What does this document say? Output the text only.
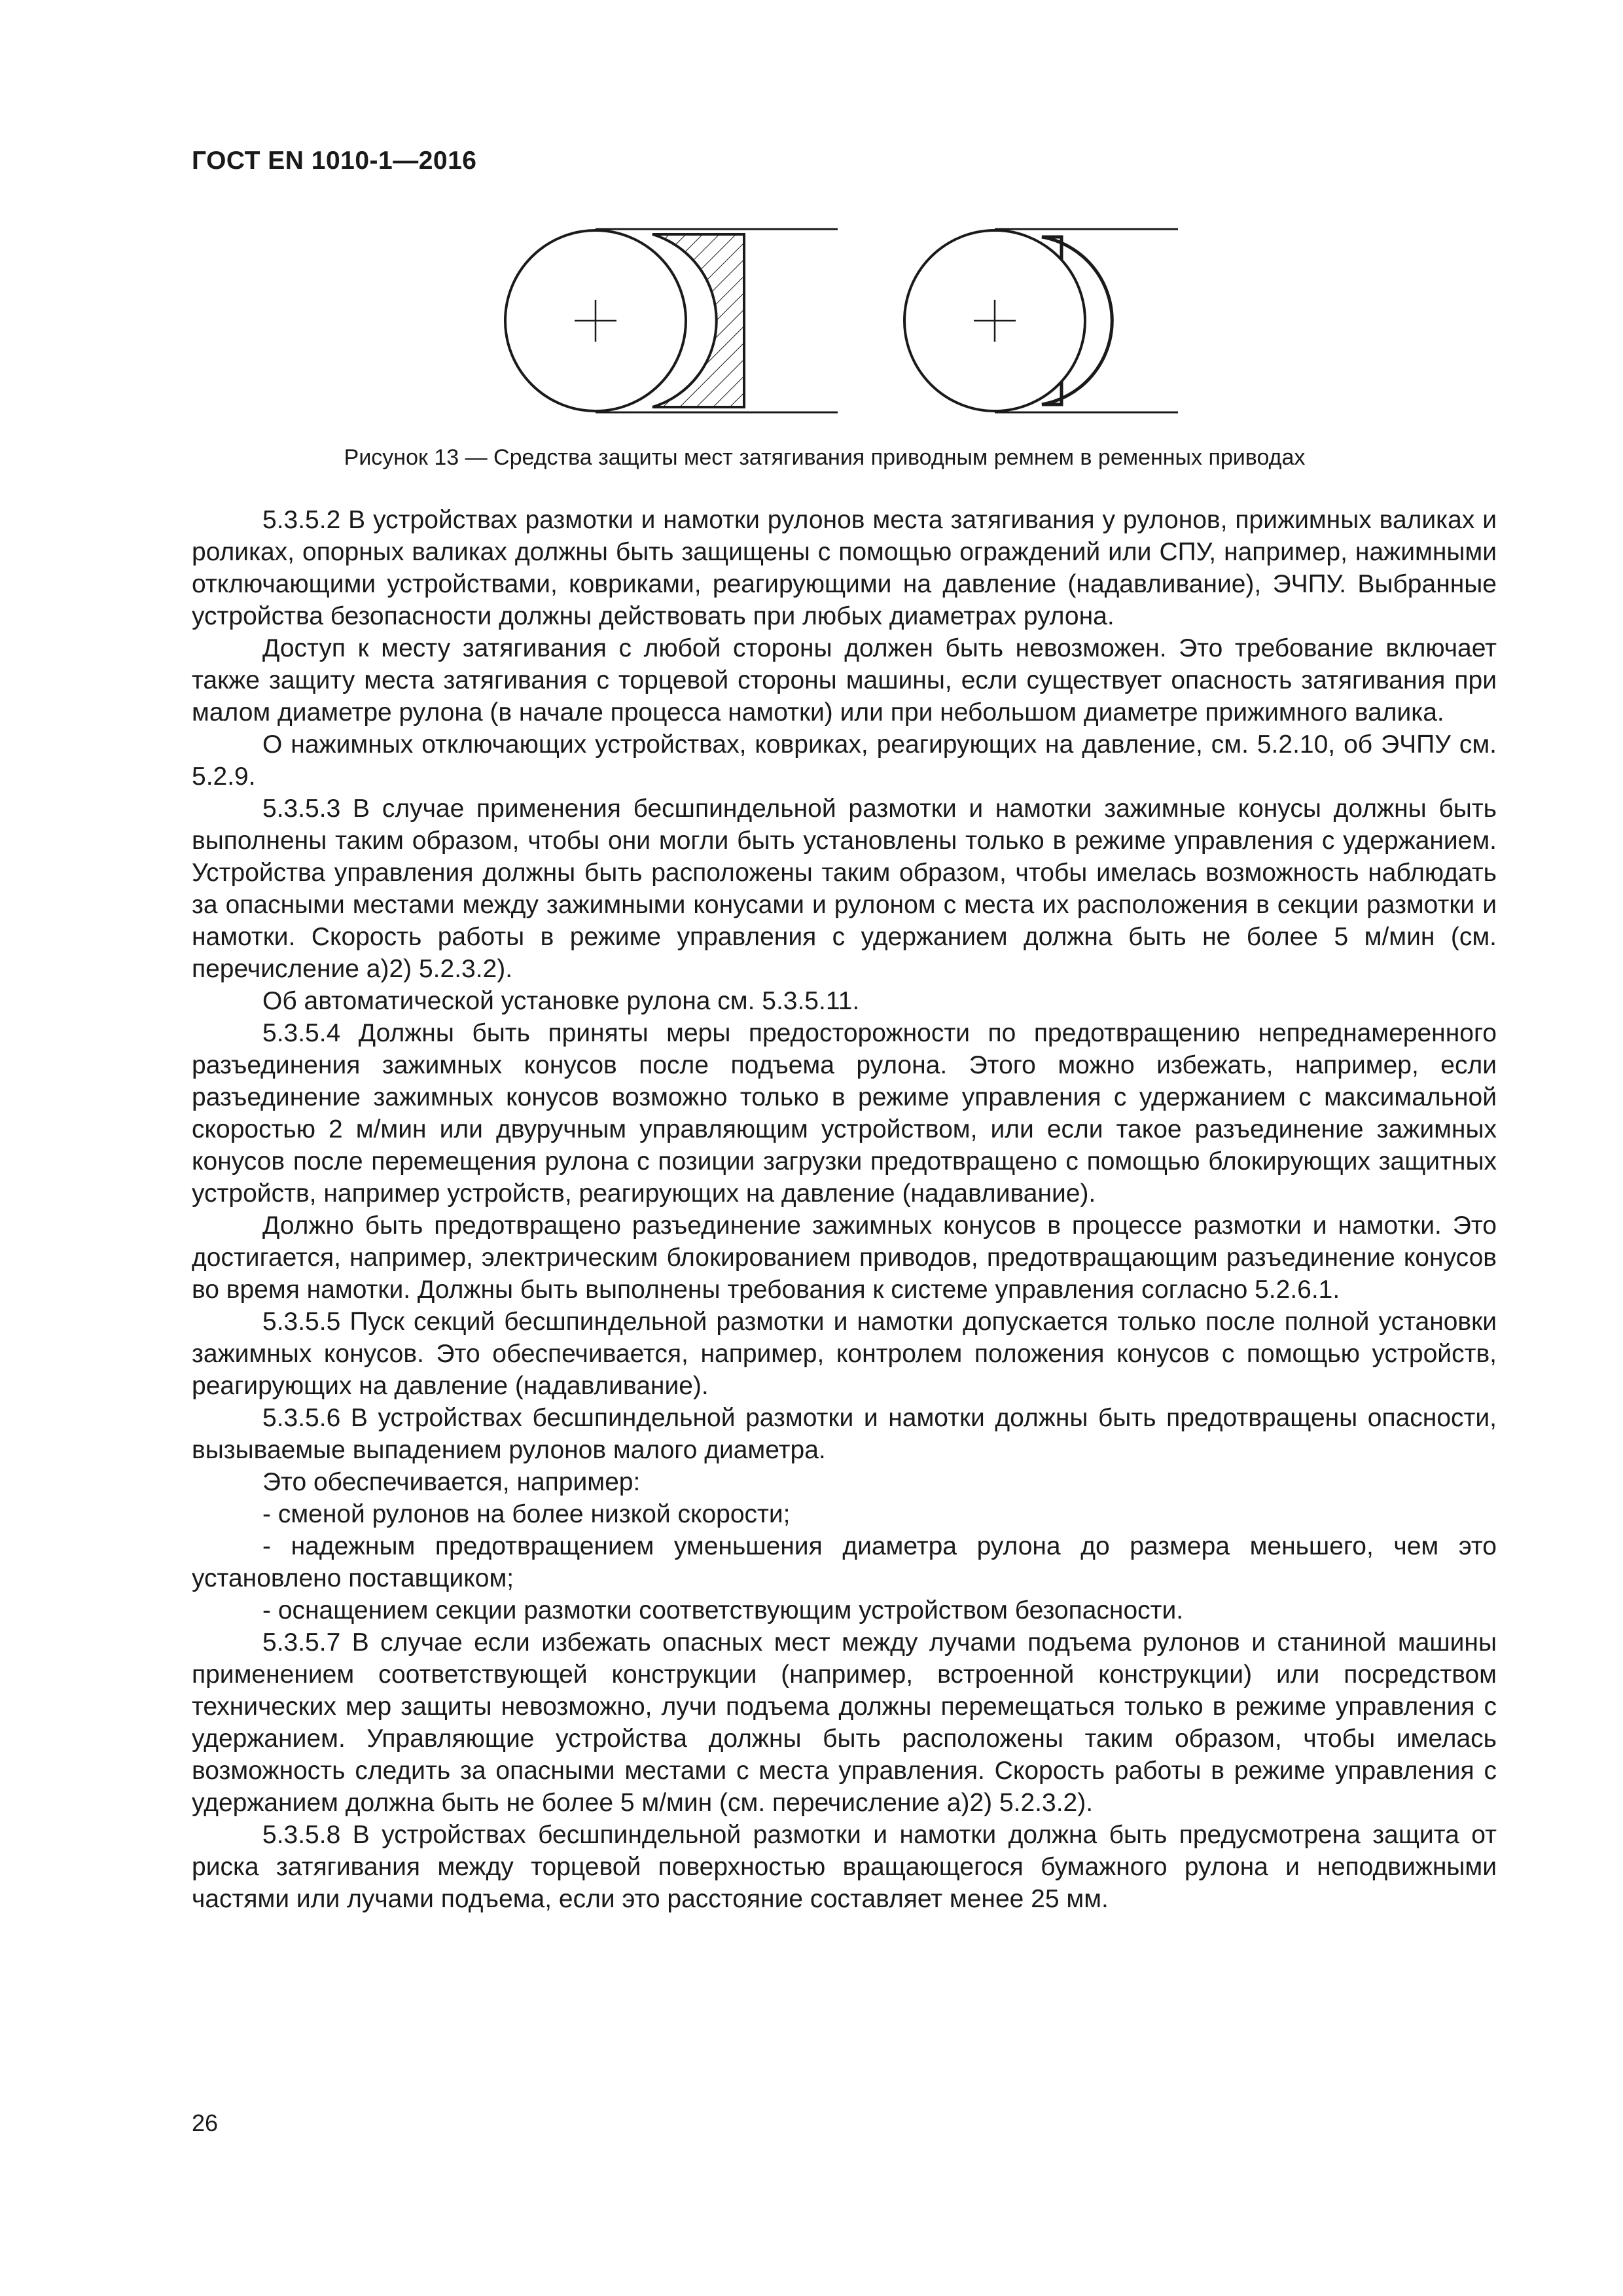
ГОСТ EN 1010-1—2016
Рисунок 13 — Средства защиты мест затягивания приводным ремнем в ременных приводах

5.3.5.2 В устройствах размотки и намотки рулонов места затягивания у рулонов, прижимных валиках и роликах, опорных валиках должны быть защищены с помощью ограждений или СПУ, например, нажимными отключающими устройствами, ковриками, реагирующими на давление (надавливание), ЭЧПУ. Выбранные устройства безопасности должны действовать при любых диаметрах рулона.

Доступ к месту затягивания с любой стороны должен быть невозможен. Это требование включает также защиту места затягивания с торцевой стороны машины, если существует опасность затягивания при малом диаметре рулона (в начале процесса намотки) или при небольшом диаметре прижимного валика.

О нажимных отключающих устройствах, ковриках, реагирующих на давление, см. 5.2.10, об ЭЧПУ см. 5.2.9.

5.3.5.3 В случае применения бесшпиндельной размотки и намотки зажимные конусы должны быть выполнены таким образом, чтобы они могли быть установлены только в режиме управления с удержанием. Устройства управления должны быть расположены таким образом, чтобы имелась возможность наблюдать за опасными местами между зажимными конусами и рулоном с места их расположения в секции размотки и намотки. Скорость работы в режиме управления с удержанием должна быть не более 5 м/мин (см. перечисление а)2) 5.2.3.2).

Об автоматической установке рулона см. 5.3.5.11.

5.3.5.4 Должны быть приняты меры предосторожности по предотвращению непреднамеренного разъединения зажимных конусов после подъема рулона. Этого можно избежать, например, если разъединение зажимных конусов возможно только в режиме управления с удержанием с максимальной скоростью 2 м/мин или двуручным управляющим устройством, или если такое разъединение зажимных конусов после перемещения рулона с позиции загрузки предотвращено с помощью блокирующих защитных устройств, например устройств, реагирующих на давление (надавливание).

Должно быть предотвращено разъединение зажимных конусов в процессе размотки и намотки. Это достигается, например, электрическим блокированием приводов, предотвращающим разъединение конусов во время намотки. Должны быть выполнены требования к системе управления согласно 5.2.6.1.

5.3.5.5 Пуск секций бесшпиндельной размотки и намотки допускается только после полной установки зажимных конусов. Это обеспечивается, например, контролем положения конусов с помощью устройств, реагирующих на давление (надавливание).

5.3.5.6 В устройствах бесшпиндельной размотки и намотки должны быть предотвращены опасности, вызываемые выпадением рулонов малого диаметра.

Это обеспечивается, например:

- сменой рулонов на более низкой скорости;

- надежным предотвращением уменьшения диаметра рулона до размера меньшего, чем это установлено поставщиком;

- оснащением секции размотки соответствующим устройством безопасности.

5.3.5.7 В случае если избежать опасных мест между лучами подъема рулонов и станиной машины применением соответствующей конструкции (например, встроенной конструкции) или посредством технических мер защиты невозможно, лучи подъема должны перемещаться только в режиме управления с удержанием. Управляющие устройства должны быть расположены таким образом, чтобы имелась возможность следить за опасными местами с места управления. Скорость работы в режиме управления с удержанием должна быть не более 5 м/мин (см. перечисление а)2) 5.2.3.2).

5.3.5.8 В устройствах бесшпиндельной размотки и намотки должна быть предусмотрена защита от риска затягивания между торцевой поверхностью вращающегося бумажного рулона и неподвижными частями или лучами подъема, если это расстояние составляет менее 25 мм.

26
